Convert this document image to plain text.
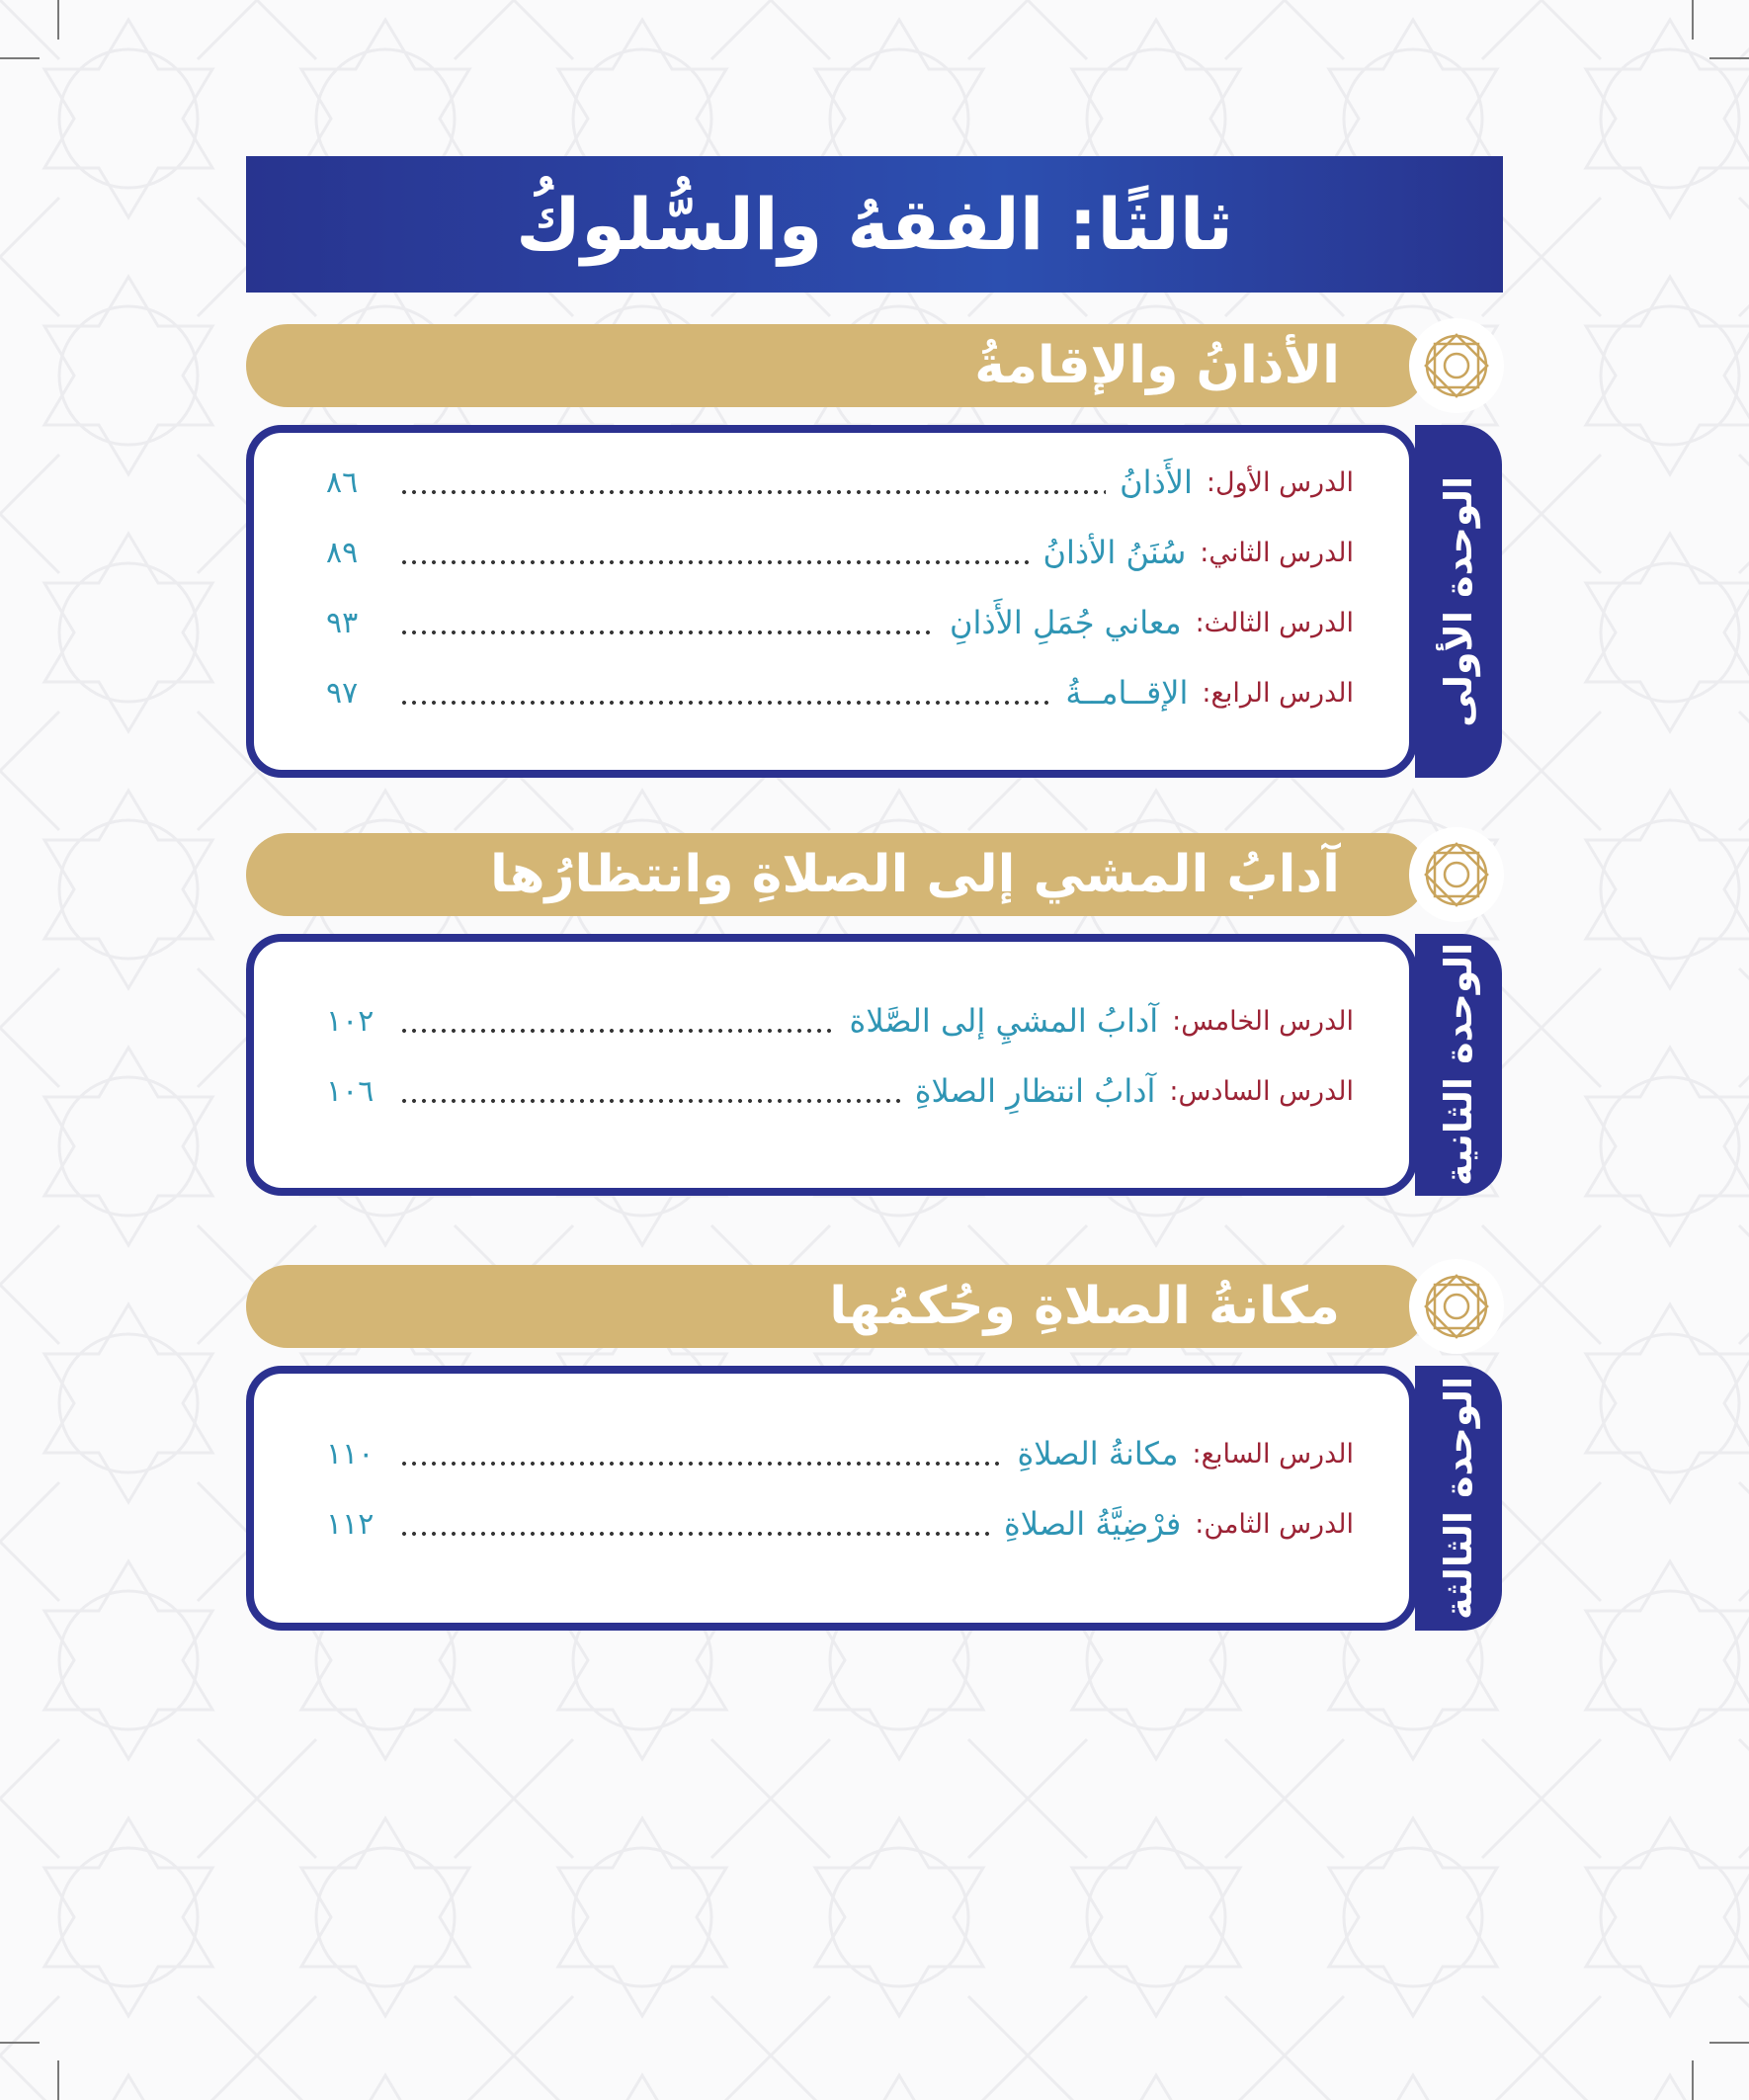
ثالثًا: الفقهُ والسُّلوكُ
الأذانُ والإقامةُ
الوحدة الأولى
الدرس الأول:
الأَذانُ
٨٦
الدرس الثاني:
سُنَنُ الأذانُ
٨٩
الدرس الثالث:
معاني جُمَلِ الأَذانِ
٩٣
الدرس الرابع:
الإقــامــةُ
٩٧
آدابُ المشي إلى الصلاةِ وانتظارُها
الوحدة الثانية
الدرس الخامس:
آدابُ المشيِ إلى الصَّلاة
١٠٢
الدرس السادس:
آدابُ انتظارِ الصلاةِ
١٠٦
مكانةُ الصلاةِ وحُكمُها
الوحدة الثالثة
الدرس السابع:
مكانةُ الصلاةِ
١١٠
الدرس الثامن:
فرْضِيَّةُ الصلاةِ
١١٢
